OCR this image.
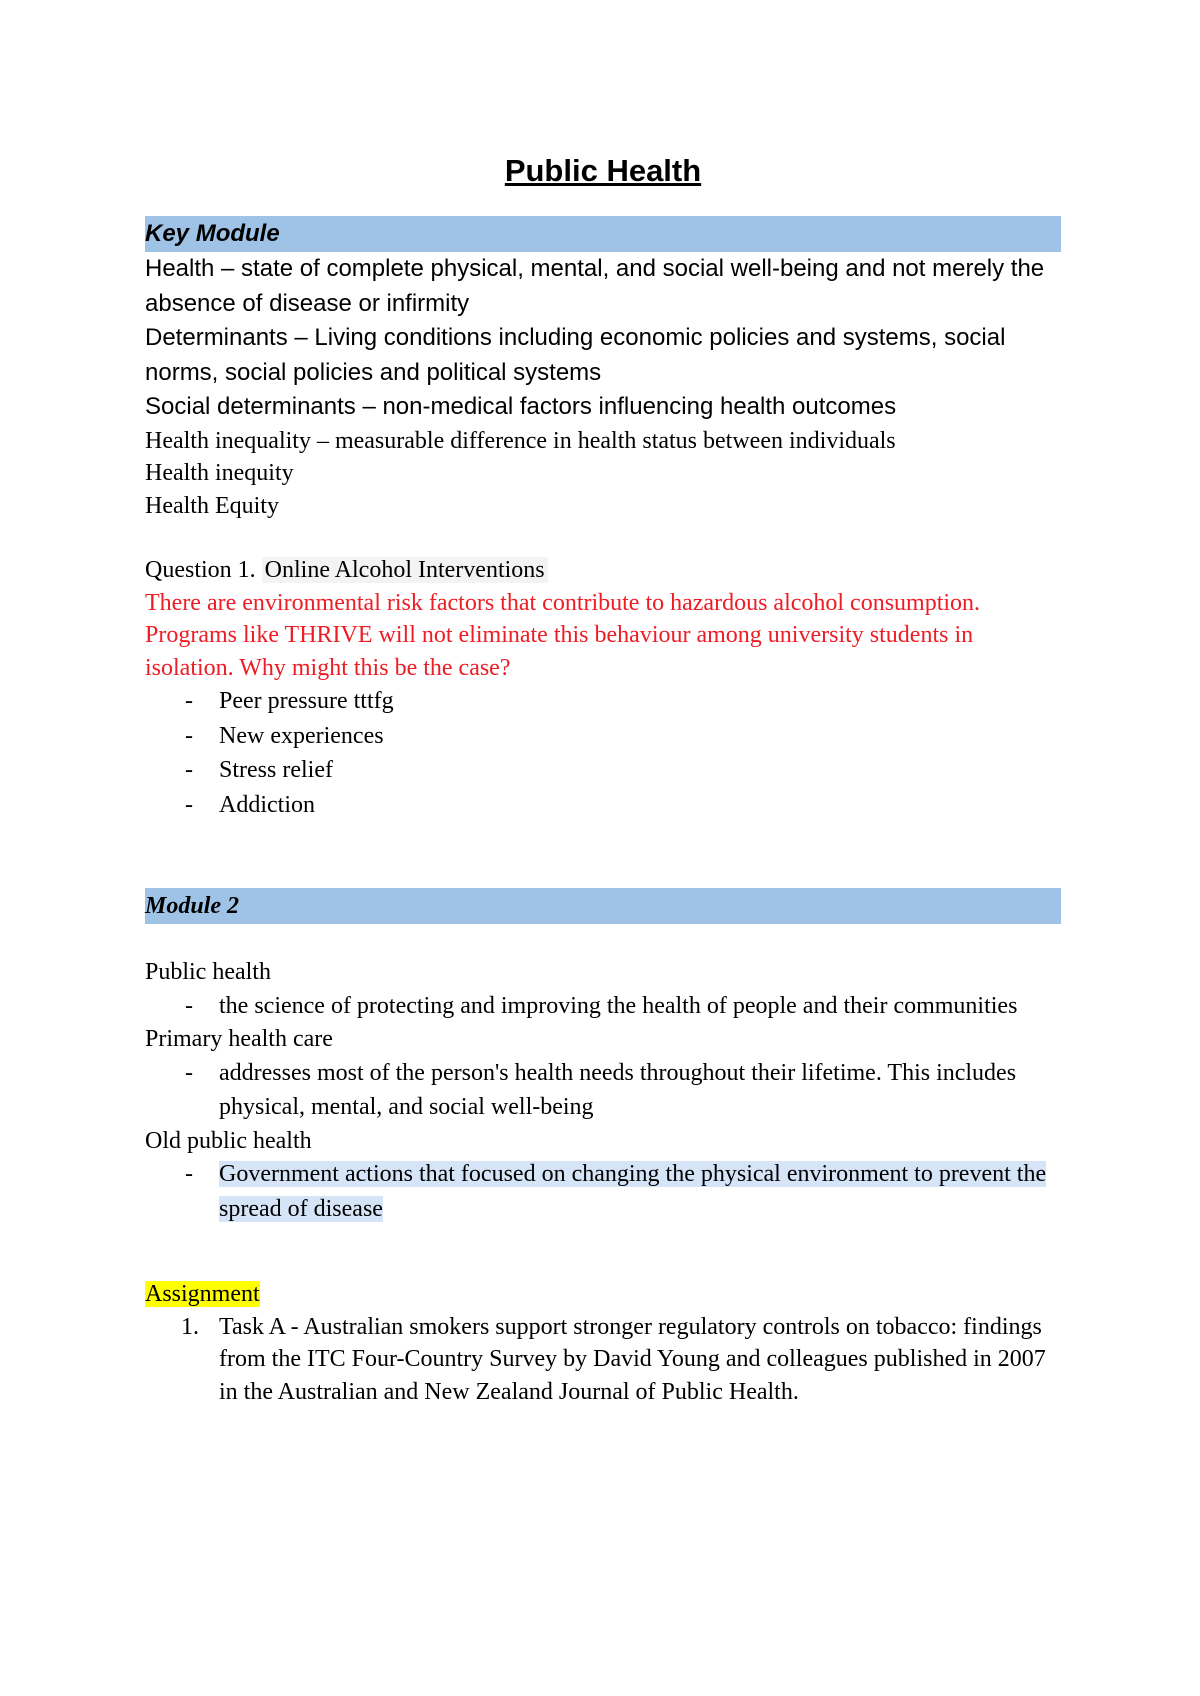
Public Health
Key Module
Health – state of complete physical, mental, and social well-being and not merely the absence of disease or infirmity
Determinants – Living conditions including economic policies and systems, social norms, social policies and political systems
Social determinants – non-medical factors influencing health outcomes
Health inequality – measurable difference in health status between individuals
Health inequity
Health Equity
Question 1. Online Alcohol Interventions
There are environmental risk factors that contribute to hazardous alcohol consumption. Programs like THRIVE will not eliminate this behaviour among university students in isolation. Why might this be the case?
- Peer pressure tttfg
- New experiences
- Stress relief
- Addiction
Module 2
Public health
- the science of protecting and improving the health of people and their communities
Primary health care
- addresses most of the person's health needs throughout their lifetime. This includes physical, mental, and social well-being
Old public health
- Government actions that focused on changing the physical environment to prevent the spread of disease
Assignment
1. Task A - Australian smokers support stronger regulatory controls on tobacco: findings from the ITC Four-Country Survey by David Young and colleagues published in 2007 in the Australian and New Zealand Journal of Public Health.
